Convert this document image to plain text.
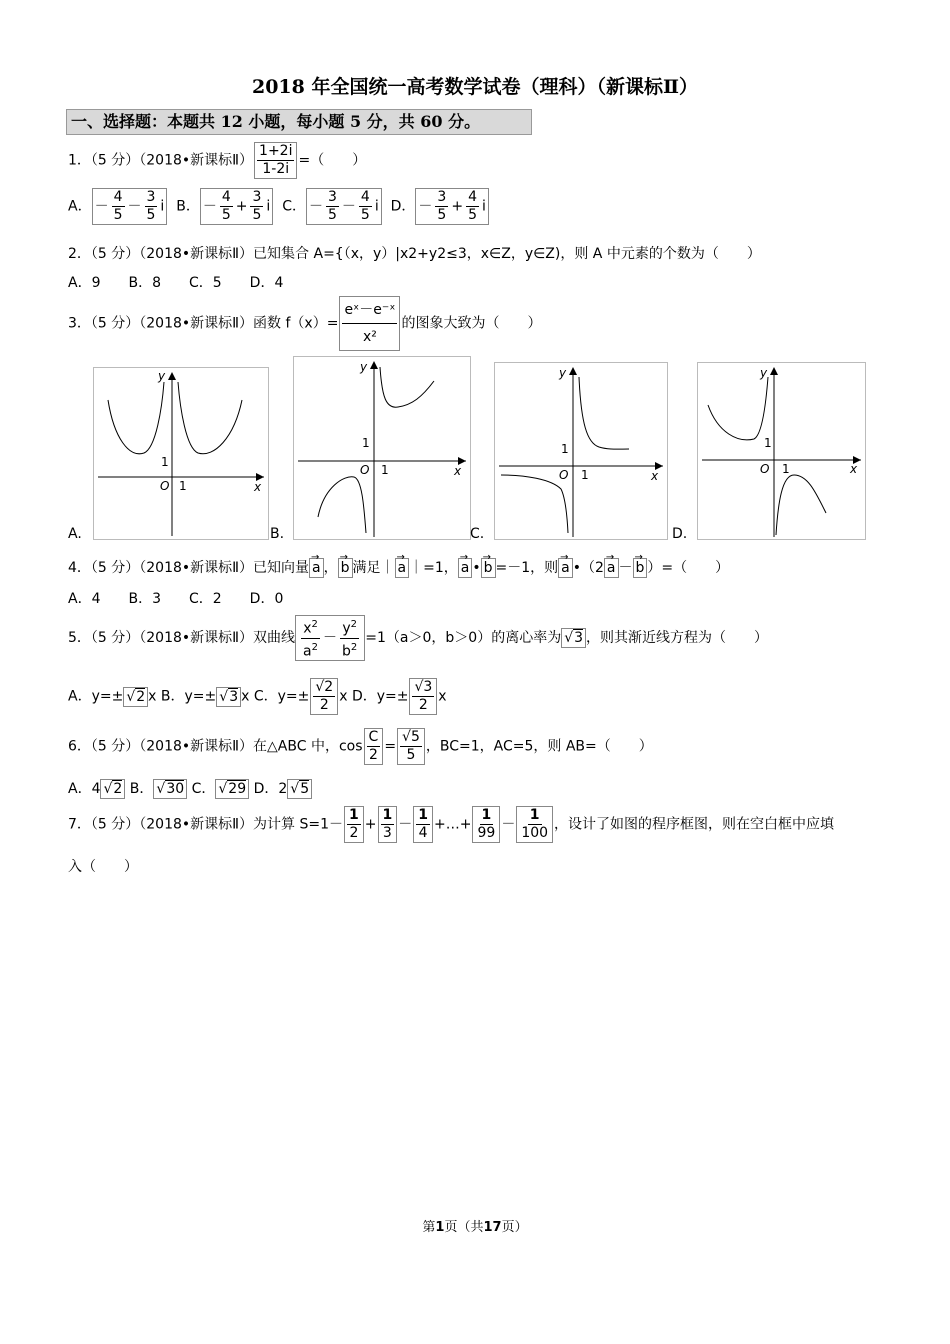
2018 年全国统一高考数学试卷（理科）（新课标Ⅱ）
一、选择题：本题共 12 小题，每小题 5 分，共 60 分。
1．（5 分）（2018•新课标Ⅱ） $\frac{1+2i}{1-2i}$ =（　　）
A． － $\frac{4}{5} - \frac{3}{5}$ i B． － $\frac{4}{5} + \frac{3}{5}$ i C． － $\frac{3}{5} - \frac{4}{5}$ i D． － $\frac{3}{5} + \frac{4}{5}$ i
2．（5 分）（2018•新课标Ⅱ）已知集合 A={（x，y）|x2+y2≤3，x∈Z，y∈Z)，则 A 中元素的个数为（　　）
A．9　　B．8　　C．5　　D．4
3．（5 分）（2018•新课标Ⅱ）函数 $f(x)= \frac{\text{eˣ－e⁻ˣ}}{\text{x²}}$ 的图象大致为（　　）
x
y
O 1
1
A.
x
y
O 1
1
B.
x
y
O 1
1
C.
x
y
O 1
1
D.
4．（5 分）（2018•新课标Ⅱ）已知向量 → a ， → b 满足｜ → a ｜=1， → a • → b =－1，则 → a •（2 → a － → b ）=（　　）
A．4　　B．3　　C．2　　D．0
5．（5 分）（2018•新课标Ⅱ）双曲线 $\frac{x^2}{a^2} - \frac{y^2}{b^2} =1(a>0$，b＞0）的离心率为 √3 ，则其渐近线方程为（　　）
A．y=± √2 x B．y=± √3 x C．$y=\pm \frac{√2}{2}$ x D．$y=\pm \frac{√3}{2}$ x
6．（5 分）（2018•新课标Ⅱ）在△ABC 中，$\cos \frac{C}{2} = \frac{√5}{5}$ ，BC=1，AC=5，则 AB=（　　）
A．4 √2 B． √30 C． √29 D．2 √5
7．（5 分）（2018•新课标Ⅱ）为计算 $S=1- \frac{1}{2} + \frac{1}{3} - \frac{1}{4}$ +…+ $\frac{1}{99} - \frac{1}{100}$ ，设计了如图的程序框图，则在空白框中应填
入（　　）
第1页（共17页）
